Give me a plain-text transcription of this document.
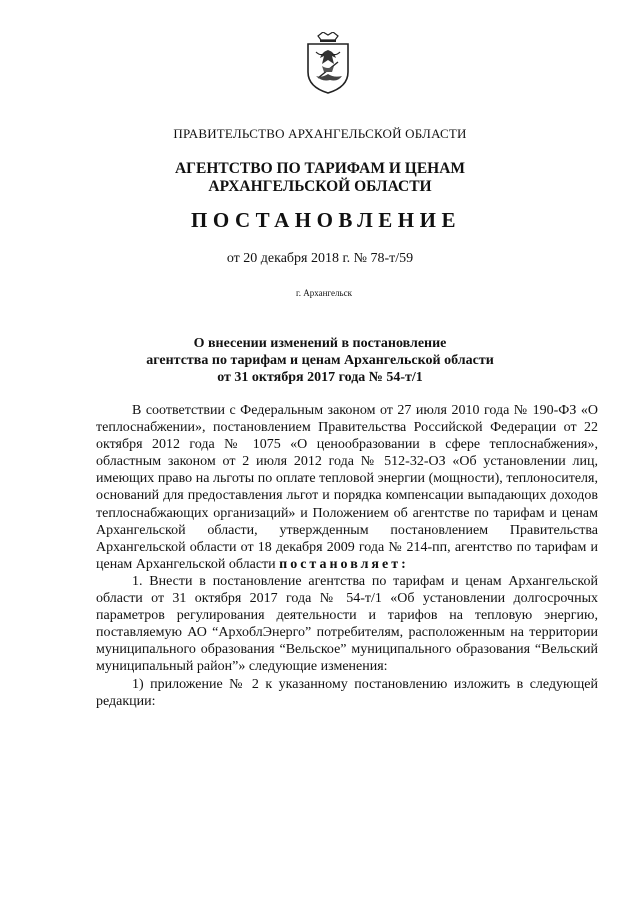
ПРАВИТЕЛЬСТВО АРХАНГЕЛЬСКОЙ ОБЛАСТИ

АГЕНТСТВО ПО ТАРИФАМ И ЦЕНАМ
АРХАНГЕЛЬСКОЙ ОБЛАСТИ

ПОСТАНОВЛЕНИЕ

от 20 декабря 2018 г. № 78-т/59

г. Архангельск

О внесении изменений в постановление
агентства по тарифам и ценам Архангельской области
от 31 октября 2017 года № 54-т/1

В соответствии с Федеральным законом от 27 июля 2010 года № 190-ФЗ «О теплоснабжении», постановлением Правительства Российской Федерации от 22 октября 2012 года № 1075 «О ценообразовании в сфере теплоснабжения», областным законом от 2 июля 2012 года № 512-32-ОЗ «Об установлении лиц, имеющих право на льготы по оплате тепловой энергии (мощности), теплоносителя, оснований для предоставления льгот и порядка компенсации выпадающих доходов теплоснабжающих организаций» и Положением об агентстве по тарифам и ценам Архангельской области, утвержденным постановлением Правительства Архангельской области от 18 декабря 2009 года № 214-пп, агентство по тарифам и ценам Архангельской области постановляет:

1. Внести в постановление агентства по тарифам и ценам Архангельской области от 31 октября 2017 года № 54-т/1 «Об установлении долгосрочных параметров регулирования деятельности и тарифов на тепловую энергию, поставляемую АО “АрхоблЭнерго” потребителям, расположенным на территории муниципального образования “Вельское” муниципального образования “Вельский муниципальный район”» следующие изменения:

1) приложение № 2 к указанному постановлению изложить в следующей редакции:
